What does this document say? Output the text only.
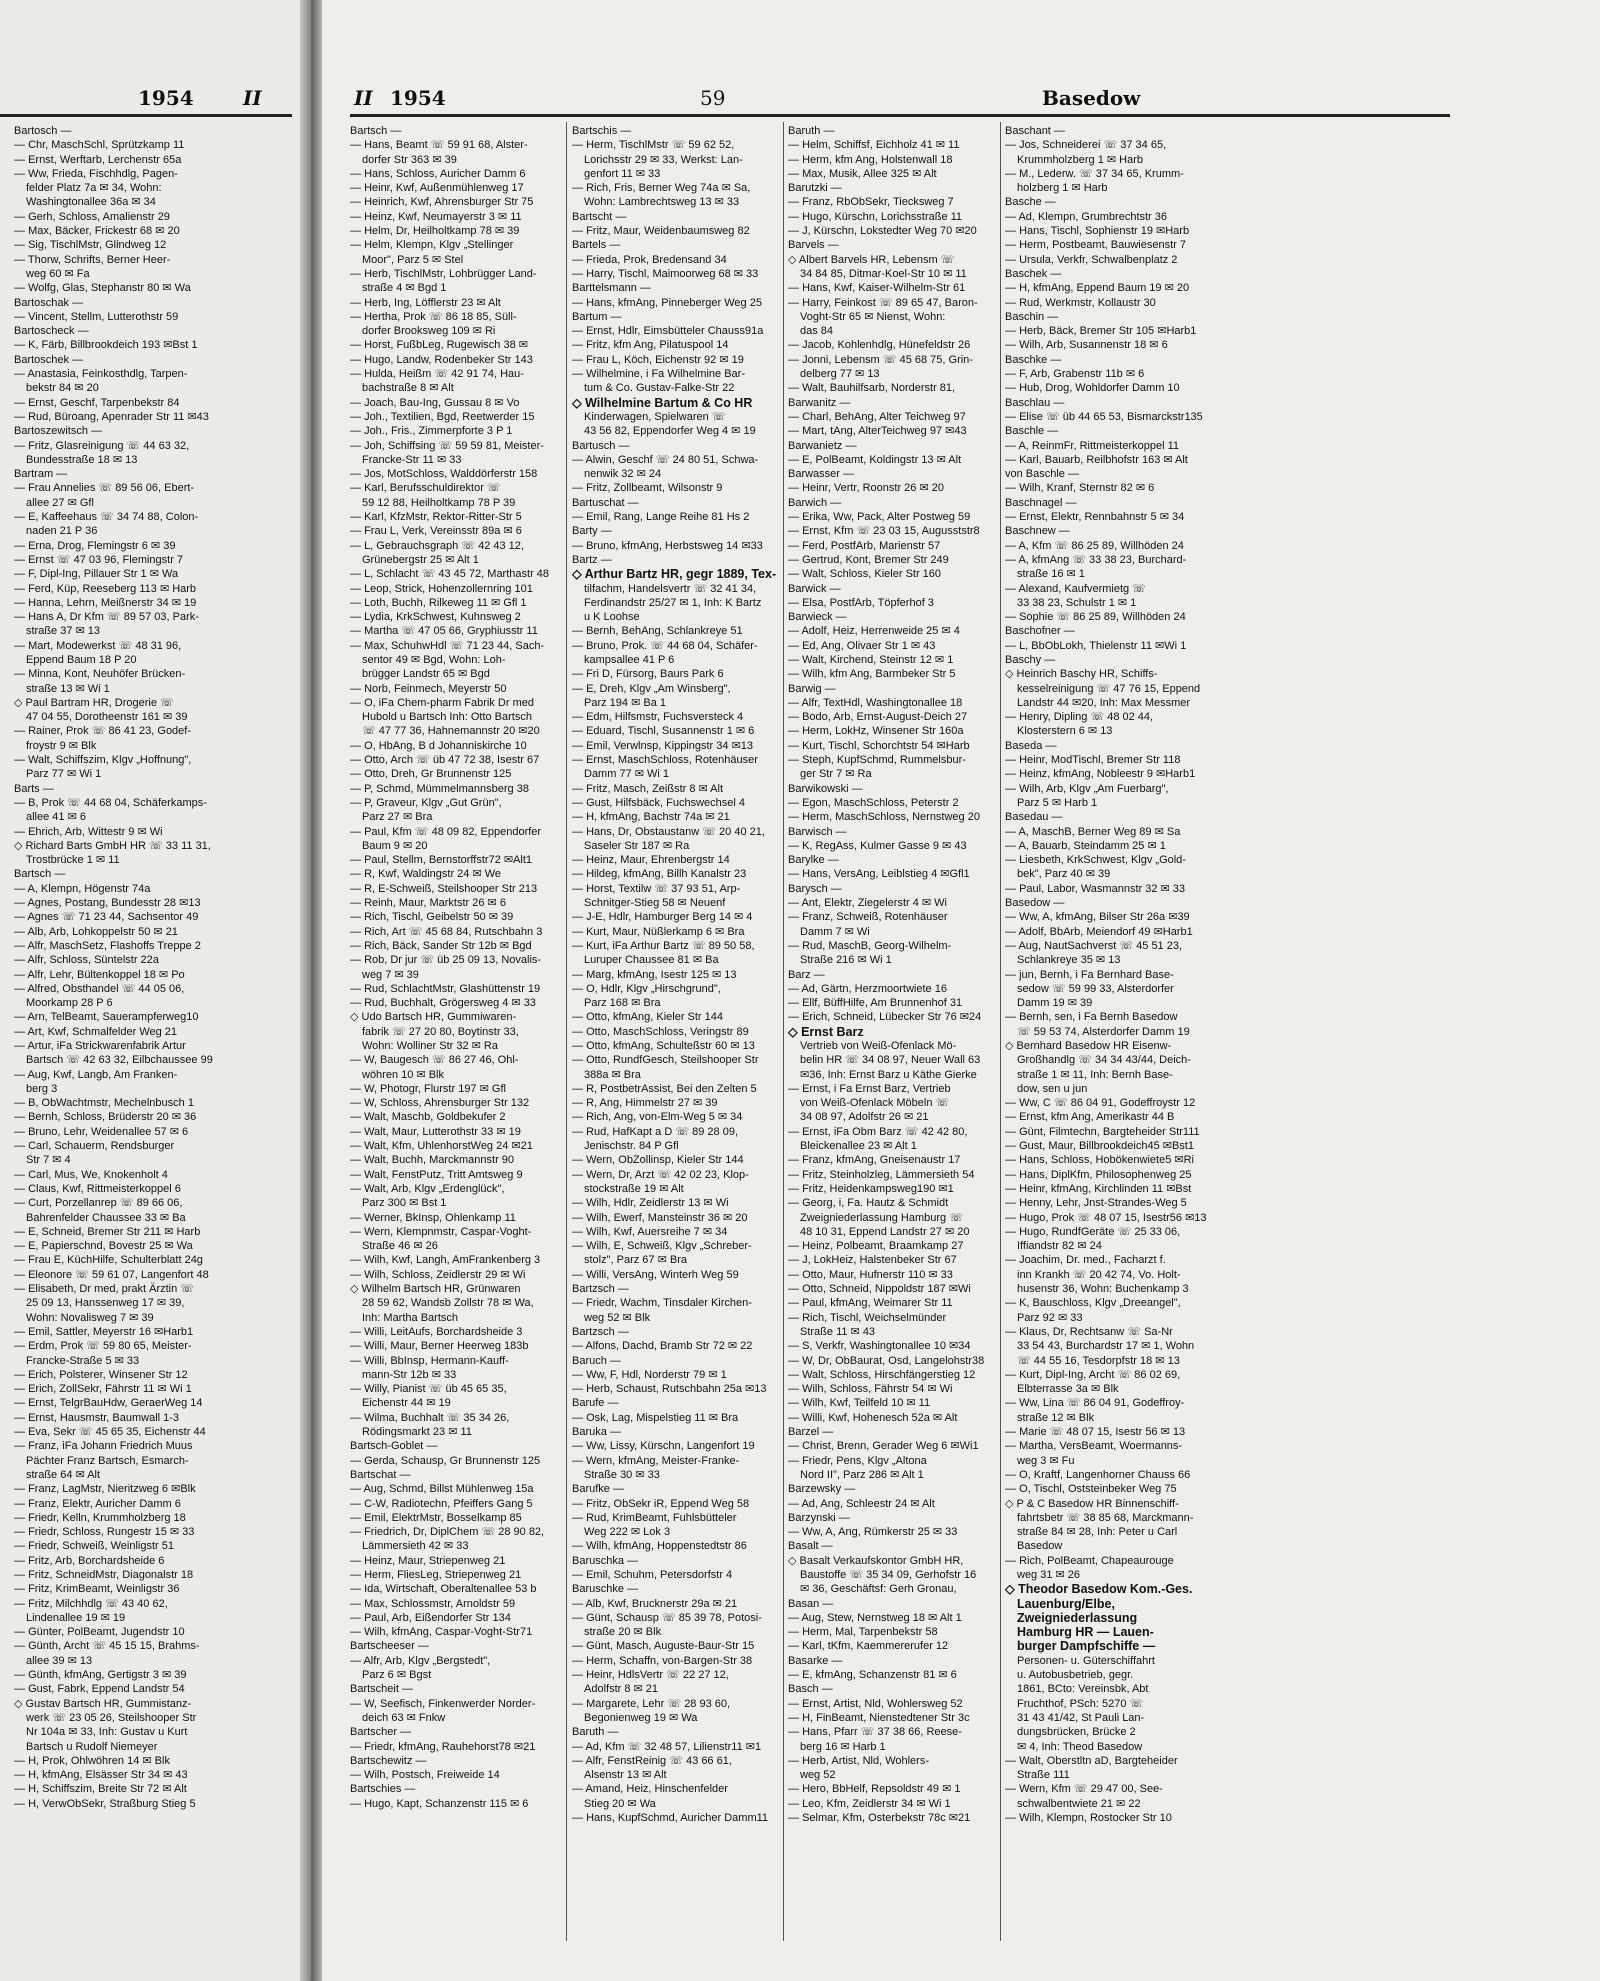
1954 II
Bartosch —
— Chr, MaschSchl, Sprützkamp 11
— Ernst, Werftarb, Lerchenstr 65a
— Ww, Frieda, Fischhdlg, Pagen-
felder Platz 7a ✉ 34, Wohn:
Washingtonallee 36a ✉ 34
— Gerh, Schloss, Amalienstr 29
— Max, Bäcker, Frickestr 68 ✉ 20
— Sig, TischlMstr, Glindweg 12
— Thorw, Schrifts, Berner Heer-
weg 60 ✉ Fa
— Wolfg, Glas, Stephanstr 80 ✉ Wa
Bartoschak —
— Vincent, Stellm, Lutterothstr 59
Bartoscheck —
— K, Färb, Billbrookdeich 193 ✉Bst 1
Bartoschek —
— Anastasia, Feinkosthdlg, Tarpen-
bekstr 84 ✉ 20
— Ernst, Geschf, Tarpenbekstr 84
— Rud, Büroang, Apenrader Str 11 ✉43
Bartoszewitsch —
— Fritz, Glasreinigung ☏ 44 63 32,
Bundesstraße 18 ✉ 13
Bartram —
— Frau Annelies ☏ 89 56 06, Ebert-
allee 27 ✉ Gfl
— E, Kaffeehaus ☏ 34 74 88, Colon-
naden 21 P 36
— Erna, Drog, Flemingstr 6 ✉ 39
— Ernst ☏ 47 03 96, Flemingstr 7
— F, Dipl-Ing, Pillauer Str 1 ✉ Wa
— Ferd, Küp, Reeseberg 113 ✉ Harb
— Hanna, Lehrn, Meißnerstr 34 ✉ 19
— Hans A, Dr Kfm ☏ 89 57 03, Park-
straße 37 ✉ 13
— Mart, Modewerkst ☏ 48 31 96,
Eppend Baum 18 P 20
— Minna, Kont, Neuhöfer Brücken-
straße 13 ✉ Wi 1
◇ Paul Bartram HR, Drogerie ☏
47 04 55, Dorotheenstr 161 ✉ 39
— Rainer, Prok ☏ 86 41 23, Godef-
froystr 9 ✉ Blk
— Walt, Schiffszim, Klgv „Hoffnung",
Parz 77 ✉ Wi 1
Barts —
— B, Prok ☏ 44 68 04, Schäferkamps-
allee 41 ✉ 6
— Ehrich, Arb, Wittestr 9 ✉ Wi
◇ Richard Barts GmbH HR ☏ 33 11 31,
Trostbrücke 1 ✉ 11
Bartsch —
— A, Klempn, Högenstr 74a
— Agnes, Postang, Bundesstr 28 ✉13
— Agnes ☏ 71 23 44, Sachsentor 49
— Alb, Arb, Lohkoppelstr 50 ✉ 21
— Alfr, MaschSetz, Flashoffs Treppe 2
— Alfr, Schloss, Süntelstr 22a
— Alfr, Lehr, Bültenkoppel 18 ✉ Po
— Alfred, Obsthandel ☏ 44 05 06,
Moorkamp 28 P 6
— Arn, TelBeamt, Sauerampferweg10
— Art, Kwf, Schmalfelder Weg 21
— Artur, iFa Strickwarenfabrik Artur
Bartsch ☏ 42 63 32, Eilbchaussee 99
— Aug, Kwf, Langb, Am Franken-
berg 3
— B, ObWachtmstr, Mechelnbusch 1
— Bernh, Schloss, Brüderstr 20 ✉ 36
— Bruno, Lehr, Weidenallee 57 ✉ 6
— Carl, Schauerm, Rendsburger
Str 7 ✉ 4
— Carl, Mus, We, Knokenholt 4
— Claus, Kwf, Rittmeisterkoppel 6
— Curt, Porzellanrep ☏ 89 66 06,
Bahrenfelder Chaussee 33 ✉ Ba
— E, Schneid, Bremer Str 211 ✉ Harb
— E, Papierschnd, Bovestr 25 ✉ Wa
— Frau E, KüchHilfe, Schulterblatt 24g
— Eleonore ☏ 59 61 07, Langenfort 48
— Elisabeth, Dr med, prakt Ärztin ☏
25 09 13, Hanssenweg 17 ✉ 39,
Wohn: Novalisweg 7 ✉ 39
— Emil, Sattler, Meyerstr 16 ✉Harb1
— Erdm, Prok ☏ 59 80 65, Meister-
Francke-Straße 5 ✉ 33
— Erich, Polsterer, Winsener Str 12
— Erich, ZollSekr, Fährstr 11 ✉ Wi 1
— Ernst, TelgrBauHdw, GeraerWeg 14
— Ernst, Hausmstr, Baumwall 1-3
— Eva, Sekr ☏ 45 65 35, Eichenstr 44
— Franz, iFa Johann Friedrich Muus
Pächter Franz Bartsch, Esmarch-
straße 64 ✉ Alt
— Franz, LagMstr, Nieritzweg 6 ✉Blk
— Franz, Elektr, Auricher Damm 6
— Friedr, Kelln, Krummholzberg 18
— Friedr, Schloss, Rungestr 15 ✉ 33
— Friedr, Schweiß, Weinligstr 51
— Fritz, Arb, Borchardsheide 6
— Fritz, SchneidMstr, Diagonalstr 18
— Fritz, KrimBeamt, Weinligstr 36
— Fritz, Milchhdlg ☏ 43 40 62,
Lindenallee 19 ✉ 19
— Günter, PolBeamt, Jugendstr 10
— Günth, Archt ☏ 45 15 15, Brahms-
allee 39 ✉ 13
— Günth, kfmAng, Gertigstr 3 ✉ 39
— Gust, Fabrk, Eppend Landstr 54
◇ Gustav Bartsch HR, Gummistanz-
werk ☏ 23 05 26, Steilshooper Str
Nr 104a ✉ 33, Inh: Gustav u Kurt
Bartsch u Rudolf Niemeyer
— H, Prok, Ohlwöhren 14 ✉ Blk
— H, kfmAng, Elsässer Str 34 ✉ 43
— H, Schiffszim, Breite Str 72 ✉ Alt
— H, VerwObSekr, Straßburg Stieg 5
II 1954	59	Basedow
Bartsch —
— Hans, Beamt ☏ 59 91 68, Alster-
dorfer Str 363 ✉ 39
— Hans, Schloss, Auricher Damm 6
— Heinr, Kwf, Außenmühlenweg 17
— Heinrich, Kwf, Ahrensburger Str 75
— Heinz, Kwf, Neumayerstr 3 ✉ 11
— Helm, Dr, Heilholtkamp 78 ✉ 39
— Helm, Klempn, Klgv „Stellinger
Moor", Parz 5 ✉ Stel
— Herb, TischlMstr, Lohbrügger Land-
straße 4 ✉ Bgd 1
— Herb, Ing, Löfflerstr 23 ✉ Alt
— Hertha, Prok ☏ 86 18 85, Süll-
dorfer Brooksweg 109 ✉ Ri
— Horst, FußbLeg, Rugewisch 38 ✉
— Hugo, Landw, Rodenbeker Str 143
— Hulda, Heißm ☏ 42 91 74, Hau-
bachstraße 8 ✉ Alt
— Joach, Bau-Ing, Gussau 8 ✉ Vo
— Joh., Textilien, Bgd, Reetwerder 15
— Joh., Fris., Zimmerpforte 3 P 1
— Joh, Schiffsing ☏ 59 59 81, Meister-
Francke-Str 11 ✉ 33
— Jos, MotSchloss, Walddörferstr 158
— Karl, Berufsschuldirektor ☏
59 12 88, Heilholtkamp 78 P 39
— Karl, KfzMstr, Rektor-Ritter-Str 5
— Frau L, Verk, Vereinsstr 89a ✉ 6
— L, Gebrauchsgraph ☏ 42 43 12,
Grünebergstr 25 ✉ Alt 1
— L, Schlacht ☏ 43 45 72, Marthastr 48
— Leop, Strick, Hohenzollernring 101
— Loth, Buchh, Rilkeweg 11 ✉ Gfl 1
— Lydia, KrkSchwest, Kuhnsweg 2
— Martha ☏ 47 05 66, Gryphiusstr 11
— Max, SchuhwHdl ☏ 71 23 44, Sach-
sentor 49 ✉ Bgd, Wohn: Loh-
brügger Landstr 65 ✉ Bgd
— Norb, Feinmech, Meyerstr 50
— O, iFa Chem-pharm Fabrik Dr med
Hubold u Bartsch Inh: Otto Bartsch
☏ 47 77 36, Hahnemannstr 20 ✉20
— O, HbAng, B d Johanniskirche 10
— Otto, Arch ☏ üb 47 72 38, Isestr 67
— Otto, Dreh, Gr Brunnenstr 125
— P, Schmd, Mümmelmannsberg 38
— P, Graveur, Klgv „Gut Grün",
Parz 27 ✉ Bra
— Paul, Kfm ☏ 48 09 82, Eppendorfer
Baum 9 ✉ 20
— Paul, Stellm, Bernstorffstr72 ✉Alt1
— R, Kwf, Waldingstr 24 ✉ We
— R, E-Schweiß, Steilshooper Str 213
— Reinh, Maur, Marktstr 26 ✉ 6
— Rich, Tischl, Geibelstr 50 ✉ 39
— Rich, Art ☏ 45 68 84, Rutschbahn 3
— Rich, Bäck, Sander Str 12b ✉ Bgd
— Rob, Dr jur ☏ üb 25 09 13, Novalis-
weg 7 ✉ 39
— Rud, SchlachtMstr, Glashüttenstr 19
— Rud, Buchhalt, Grögersweg 4 ✉ 33
◇ Udo Bartsch HR, Gummiwaren-
fabrik ☏ 27 20 80, Boytinstr 33,
Wohn: Wolliner Str 32 ✉ Ra
— W, Baugesch ☏ 86 27 46, Ohl-
wöhren 10 ✉ Blk
— W, Photogr, Flurstr 197 ✉ Gfl
— W, Schloss, Ahrensburger Str 132
— Walt, Maschb, Goldbekufer 2
— Walt, Maur, Lutterothstr 33 ✉ 19
— Walt, Kfm, UhlenhorstWeg 24 ✉21
— Walt, Buchh, Marckmannstr 90
— Walt, FenstPutz, Tritt Amtsweg 9
— Walt, Arb, Klgv „Erdenglück",
Parz 300 ✉ Bst 1
— Werner, BkInsp, Ohlenkamp 11
— Wern, Klempnmstr, Caspar-Voght-
Straße 46 ✉ 26
— Wilh, Kwf, Langh, AmFrankenberg 3
— Wilh, Schloss, Zeidlerstr 29 ✉ Wi
◇ Wilhelm Bartsch HR, Grünwaren
28 59 62, Wandsb Zollstr 78 ✉ Wa,
Inh: Martha Bartsch
— Willi, LeitAufs, Borchardsheide 3
— Willi, Maur, Berner Heerweg 183b
— Willi, BbInsp, Hermann-Kauff-
mann-Str 12b ✉ 33
— Willy, Pianist ☏ üb 45 65 35,
Eichenstr 44 ✉ 19
— Wilma, Buchhalt ☏ 35 34 26,
Rödingsmarkt 23 ✉ 11
Bartsch-Goblet —
— Gerda, Schausp, Gr Brunnenstr 125
Bartschat —
— Aug, Schmd, Billst Mühlenweg 15a
— C-W, Radiotechn, Pfeiffers Gang 5
— Emil, ElektrMstr, Bosselkamp 85
— Friedrich, Dr, DiplChem ☏ 28 90 82,
Lämmersieth 42 ✉ 33
— Heinz, Maur, Striepenweg 21
— Herm, FliesLeg, Striepenweg 21
— Ida, Wirtschaft, Oberaltenallee 53 b
— Max, Schlossmstr, Arnoldstr 59
— Paul, Arb, Eißendorfer Str 134
— Wilh, kfmAng, Caspar-Voght-Str71
Bartscheeser —
— Alfr, Arb, Klgv „Bergstedt",
Parz 6 ✉ Bgst
Bartscheit —
— W, Seefisch, Finkenwerder Norder-
deich 63 ✉ Fnkw
Bartscher —
— Friedr, kfmAng, Rauhehorst78 ✉21
Bartschewitz —
— Wilh, Postsch, Freiweide 14
Bartschies —
— Hugo, Kapt, Schanzenstr 115 ✉ 6
Bartschis —
— Herm, TischlMstr ☏ 59 62 52,
Lorichsstr 29 ✉ 33, Werkst: Lan-
genfort 11 ✉ 33
— Rich, Fris, Berner Weg 74a ✉ Sa,
Wohn: Lambrechtsweg 13 ✉ 33
Bartscht —
— Fritz, Maur, Weidenbaumsweg 82
Bartels —
— Frieda, Prok, Bredensand 34
— Harry, Tischl, Maimoorweg 68 ✉ 33
Barttelsmann —
— Hans, kfmAng, Pinneberger Weg 25
Bartum —
— Ernst, Hdlr, Eimsbütteler Chauss91a
— Fritz, kfm Ang, Pilatuspool 14
— Frau L, Köch, Eichenstr 92 ✉ 19
— Wilhelmine, i Fa Wilhelmine Bar-
tum & Co. Gustav-Falke-Str 22
◇ Wilhelmine Bartum & Co HR
Kinderwagen, Spielwaren ☏
43 56 82, Eppendorfer Weg 4 ✉ 19
Bartusch —
— Alwin, Geschf ☏ 24 80 51, Schwa-
nenwik 32 ✉ 24
— Fritz, Zollbeamt, Wilsonstr 9
Bartuschat —
— Emil, Rang, Lange Reihe 81 Hs 2
Barty —
— Bruno, kfmAng, Herbstsweg 14 ✉33
Bartz —
◇ Arthur Bartz HR, gegr 1889, Tex-
tilfachm, Handelsvertr ☏ 32 41 34,
Ferdinandstr 25/27 ✉ 1, Inh: K Bartz
u K Loohse
— Bernh, BehAng, Schlankreye 51
— Bruno, Prok. ☏ 44 68 04, Schäfer-
kampsallee 41 P 6
— Fri D, Fürsorg, Baurs Park 6
— E, Dreh, Klgv „Am Winsberg",
Parz 194 ✉ Ba 1
— Edm, Hilfsmstr, Fuchsversteck 4
— Eduard, Tischl, Susannenstr 1 ✉ 6
— Emil, Verwlnsp, Kippingstr 34 ✉13
— Ernst, MaschSchloss, Rotenhäuser
Damm 77 ✉ Wi 1
— Fritz, Masch, Zeißstr 8 ✉ Alt
— Gust, Hilfsbäck, Fuchswechsel 4
— H, kfmAng, Bachstr 74a ✉ 21
— Hans, Dr, Obstaustanw ☏ 20 40 21,
Saseler Str 187 ✉ Ra
— Heinz, Maur, Ehrenbergstr 14
— Hildeg, kfmAng, Billh Kanalstr 23
— Horst, Textilw ☏ 37 93 51, Arp-
Schnitger-Stieg 58 ✉ Neuenf
— J-E, Hdlr, Hamburger Berg 14 ✉ 4
— Kurt, Maur, Nüßlerkamp 6 ✉ Bra
— Kurt, iFa Arthur Bartz ☏ 89 50 58,
Luruper Chaussee 81 ✉ Ba
— Marg, kfmAng, Isestr 125 ✉ 13
— O, Hdlr, Klgv „Hirschgrund",
Parz 168 ✉ Bra
— Otto, kfmAng, Kieler Str 144
— Otto, MaschSchloss, Veringstr 89
— Otto, kfmAng, Schulteßstr 60 ✉ 13
— Otto, RundfGesch, Steilshooper Str
388a ✉ Bra
— R, PostbetrAssist, Bei den Zelten 5
— R, Ang, Himmelstr 27 ✉ 39
— Rich, Ang, von-Elm-Weg 5 ✉ 34
— Rud, HafKapt a D ☏ 89 28 09,
Jenischstr. 84 P Gfl
— Wern, ObZollinsp, Kieler Str 144
— Wern, Dr, Arzt ☏ 42 02 23, Klop-
stockstraße 19 ✉ Alt
— Wilh, Hdlr, Zeidlerstr 13 ✉ Wi
— Wilh, Ewerf, Mansteinstr 36 ✉ 20
— Wilh, Kwf, Auersreihe 7 ✉ 34
— Wilh, E, Schweiß, Klgv „Schreber-
stolz", Parz 67 ✉ Bra
— Willi, VersAng, Winterh Weg 59
Bartzsch —
— Friedr, Wachm, Tinsdaler Kirchen-
weg 52 ✉ Blk
Bartzsch —
— Alfons, Dachd, Bramb Str 72 ✉ 22
Baruch —
— Ww, F, Hdl, Norderstr 79 ✉ 1
— Herb, Schaust, Rutschbahn 25a ✉13
Barufe —
— Osk, Lag, Mispelstieg 11 ✉ Bra
Baruka —
— Ww, Lissy, Kürschn, Langenfort 19
— Wern, kfmAng, Meister-Franke-
Straße 30 ✉ 33
Barufke —
— Fritz, ObSekr iR, Eppend Weg 58
— Rud, KrimBeamt, Fuhlsbütteler
Weg 222 ✉ Lok 3
— Wilh, kfmAng, Hoppenstedtstr 86
Baruschka —
— Emil, Schuhm, Petersdorfstr 4
Baruschke —
— Alb, Kwf, Brucknerstr 29a ✉ 21
— Günt, Schausp ☏ 85 39 78, Potosi-
straße 20 ✉ Blk
— Günt, Masch, Auguste-Baur-Str 15
— Herm, Schaffn, von-Bargen-Str 38
— Heinr, HdlsVertr ☏ 22 27 12,
Adolfstr 8 ✉ 21
— Margarete, Lehr ☏ 28 93 60,
Begonienweg 19 ✉ Wa
Baruth —
— Ad, Kfm ☏ 32 48 57, Lilienstr11 ✉1
— Alfr, FenstReinig ☏ 43 66 61,
Alsenstr 13 ✉ Alt
— Amand, Heiz, Hinschenfelder
Stieg 20 ✉ Wa
— Hans, KupfSchmd, Auricher Damm11
Baruth —
— Helm, Schiffsf, Eichholz 41 ✉ 11
— Herm, kfm Ang, Holstenwall 18
— Max, Musik, Allee 325 ✉ Alt
Barutzki —
— Franz, RbObSekr, Tiecksweg 7
— Hugo, Kürschn, Lorichsstraße 11
— J, Kürschn, Lokstedter Weg 70 ✉20
Barvels —
◇ Albert Barvels HR, Lebensm ☏
34 84 85, Ditmar-Koel-Str 10 ✉ 11
— Hans, Kwf, Kaiser-Wilhelm-Str 61
— Harry, Feinkost ☏ 89 65 47, Baron-
Voght-Str 65 ✉ Nienst, Wohn:
das 84
— Jacob, Kohlenhdlg, Hünefeldstr 26
— Jonni, Lebensm ☏ 45 68 75, Grin-
delberg 77 ✉ 13
— Walt, Bauhilfsarb, Norderstr 81,
Barwanitz —
— Charl, BehAng, Alter Teichweg 97
— Mart, tAng, AlterTeichweg 97 ✉43
Barwanietz —
— E, PolBeamt, Koldingstr 13 ✉ Alt
Barwasser —
— Heinr, Vertr, Roonstr 26 ✉ 20
Barwich —
— Erika, Ww, Pack, Alter Postweg 59
— Ernst, Kfm ☏ 23 03 15, Augusststr8
— Ferd, PostfArb, Marienstr 57
— Gertrud, Kont, Bremer Str 249
— Walt, Schloss, Kieler Str 160
Barwick —
— Elsa, PostfArb, Töpferhof 3
Barwieck —
— Adolf, Heiz, Herrenweide 25 ✉ 4
— Ed, Ang, Olivaer Str 1 ✉ 43
— Walt, Kirchend, Steinstr 12 ✉ 1
— Wilh, kfm Ang, Barmbeker Str 5
Barwig —
— Alfr, TextHdl, Washingtonallee 18
— Bodo, Arb, Ernst-August-Deich 27
— Herm, LokHz, Winsener Str 160a
— Kurt, Tischl, Schorchtstr 54 ✉Harb
— Steph, KupfSchmd, Rummelsbur-
ger Str 7 ✉ Ra
Barwikowski —
— Egon, MaschSchloss, Peterstr 2
— Herm, MaschSchloss, Nernstweg 20
Barwisch —
— K, RegAss, Kulmer Gasse 9 ✉ 43
Barylke —
— Hans, VersAng, Leiblstieg 4 ✉Gfl1
Barysch —
— Ant, Elektr, Ziegelerstr 4 ✉ Wi
— Franz, Schweiß, Rotenhäuser
Damm 7 ✉ Wi
— Rud, MaschB, Georg-Wilhelm-
Straße 216 ✉ Wi 1
Barz —
— Ad, Gärtn, Herzmoortwiete 16
— Ellf, BüffHilfe, Am Brunnenhof 31
— Erich, Schneid, Lübecker Str 76 ✉24
◇ Ernst Barz
Vertrieb von Weiß-Ofenlack Mö-
belin HR ☏ 34 08 97, Neuer Wall 63
✉36, Inh: Ernst Barz u Käthe Gierke
— Ernst, i Fa Ernst Barz, Vertrieb
von Weiß-Ofenlack Möbeln ☏
34 08 97, Adolfstr 26 ✉ 21
— Ernst, iFa Obm Barz ☏ 42 42 80,
Bleickenallee 23 ✉ Alt 1
— Franz, kfmAng, Gneisenaustr 17
— Fritz, Steinholzleg, Lämmersieth 54
— Fritz, Heidenkampsweg190 ✉1
— Georg, i, Fa. Hautz & Schmidt
Zweigniederlassung Hamburg ☏
48 10 31, Eppend Landstr 27 ✉ 20
— Heinz, Polbeamt, Braamkamp 27
— J, LokHeiz, Halstenbeker Str 67
— Otto, Maur, Hufnerstr 110 ✉ 33
— Otto, Schneid, Nippoldstr 187 ✉Wi
— Paul, kfmAng, Weimarer Str 11
— Rich, Tischl, Weichselmünder
Straße 11 ✉ 43
— S, Verkfr, Washingtonallee 10 ✉34
— W, Dr, ObBaurat, Osd, Langelohstr38
— Walt, Schloss, Hirschfängerstieg 12
— Wilh, Schloss, Fährstr 54 ✉ Wi
— Wilh, Kwf, Teilfeld 10 ✉ 11
— Willi, Kwf, Hohenesch 52a ✉ Alt
Barzel —
— Christ, Brenn, Gerader Weg 6 ✉Wi1
— Friedr, Pens, Klgv „Altona
Nord II", Parz 286 ✉ Alt 1
Barzewsky —
— Ad, Ang, Schleestr 24 ✉ Alt
Barzynski —
— Ww, A, Ang, Rümkerstr 25 ✉ 33
Basalt —
◇ Basalt Verkaufskontor GmbH HR,
Baustoffe ☏ 35 34 09, Gerhofstr 16
✉ 36, Geschäftsf: Gerh Gronau,
Basan —
— Aug, Stew, Nernstweg 18 ✉ Alt 1
— Herm, Mal, Tarpenbekstr 58
— Karl, tKfm, Kaemmererufer 12
Basarke —
— E, kfmAng, Schanzenstr 81 ✉ 6
Basch —
— Ernst, Artist, Nld, Wohlersweg 52
— H, FinBeamt, Nienstedtener Str 3c
— Hans, Pfarr ☏ 37 38 66, Reese-
berg 16 ✉ Harb 1
— Herb, Artist, Nld, Wohlers-
weg 52
— Hero, BbHelf, Repsoldstr 49 ✉ 1
— Leo, Kfm, Zeidlerstr 34 ✉ Wi 1
— Selmar, Kfm, Osterbekstr 78c ✉21
Baschant —
— Jos, Schneiderei ☏ 37 34 65,
Krummholzberg 1 ✉ Harb
— M., Lederw. ☏ 37 34 65, Krumm-
holzberg 1 ✉ Harb
Basche —
— Ad, Klempn, Grumbrechtstr 36
— Hans, Tischl, Sophienstr 19 ✉Harb
— Herm, Postbeamt, Bauwiesenstr 7
— Ursula, Verkfr, Schwalbenplatz 2
Baschek —
— H, kfmAng, Eppend Baum 19 ✉ 20
— Rud, Werkmstr, Kollaustr 30
Baschin —
— Herb, Bäck, Bremer Str 105 ✉Harb1
— Wilh, Arb, Susannenstr 18 ✉ 6
Baschke —
— F, Arb, Grabenstr 11b ✉ 6
— Hub, Drog, Wohldorfer Damm 10
Baschlau —
— Elise ☏ üb 44 65 53, Bismarckstr135
Baschle —
— A, ReinmFr, Rittmeisterkoppel 11
— Karl, Bauarb, Reilbhofstr 163 ✉ Alt
von Baschle —
— Wilh, Kranf, Sternstr 82 ✉ 6
Baschnagel —
— Ernst, Elektr, Rennbahnstr 5 ✉ 34
Baschnew —
— A, Kfm ☏ 86 25 89, Willhöden 24
— A, kfmAng ☏ 33 38 23, Burchard-
straße 16 ✉ 1
— Alexand, Kaufvermietg ☏
33 38 23, Schulstr 1 ✉ 1
— Sophie ☏ 86 25 89, Willhöden 24
Baschofner —
— L, BbObLokh, Thielenstr 11 ✉Wi 1
Baschy —
◇ Heinrich Baschy HR, Schiffs-
kesselreinigung ☏ 47 76 15, Eppend
Landstr 44 ✉20, Inh: Max Messmer
— Henry, Dipling ☏ 48 02 44,
Klosterstern 6 ✉ 13
Baseda —
— Heinr, ModTischl, Bremer Str 118
— Heinz, kfmAng, Nobleestr 9 ✉Harb1
— Wilh, Arb, Klgv „Am Fuerbarg",
Parz 5 ✉ Harb 1
Basedau —
— A, MaschB, Berner Weg 89 ✉ Sa
— A, Bauarb, Steindamm 25 ✉ 1
— Liesbeth, KrkSchwest, Klgv „Gold-
bek", Parz 40 ✉ 39
— Paul, Labor, Wasmannstr 32 ✉ 33
Basedow —
— Ww, A, kfmAng, Bilser Str 26a ✉39
— Adolf, BbArb, Meiendorf 49 ✉Harb1
— Aug, NautSachverst ☏ 45 51 23,
Schlankreye 35 ✉ 13
— jun, Bernh, i Fa Bernhard Base-
sedow ☏ 59 99 33, Alsterdorfer
Damm 19 ✉ 39
— Bernh, sen, i Fa Bernh Basedow
☏ 59 53 74, Alsterdorfer Damm 19
◇ Bernhard Basedow HR Eisenw-
Großhandlg ☏ 34 34 43/44, Deich-
straße 1 ✉ 11, Inh: Bernh Base-
dow, sen u jun
— Ww, C ☏ 86 04 91, Godeffroystr 12
— Ernst, kfm Ang, Amerikastr 44 B
— Günt, Filmtechn, Bargteheider Str111
— Gust, Maur, Billbrookdeich45 ✉Bst1
— Hans, Schloss, Hobökenwiete5 ✉Ri
— Hans, DiplKfm, Philosophenweg 25
— Heinr, kfmAng, Kirchlinden 11 ✉Bst
— Henny, Lehr, Jnst-Strandes-Weg 5
— Hugo, Prok ☏ 48 07 15, Isestr56 ✉13
— Hugo, RundfGeräte ☏ 25 33 06,
Iffiandstr 82 ✉ 24
— Joachim, Dr. med., Facharzt f.
inn Krankh ☏ 20 42 74, Vo. Holt-
husenstr 36, Wohn: Buchenkamp 3
— K, Bauschloss, Klgv „Dreeangel",
Parz 92 ✉ 33
— Klaus, Dr, Rechtsanw ☏ Sa-Nr
33 54 43, Burchardstr 17 ✉ 1, Wohn
☏ 44 55 16, Tesdorpfstr 18 ✉ 13
— Kurt, Dipl-Ing, Archt ☏ 86 02 69,
Elbterrasse 3a ✉ Blk
— Ww, Lina ☏ 86 04 91, Godeffroy-
straße 12 ✉ Blk
— Marie ☏ 48 07 15, Isestr 56 ✉ 13
— Martha, VersBeamt, Woermanns-
weg 3 ✉ Fu
— O, Kraftf, Langenhorner Chauss 66
— O, Tischl, Oststeinbeker Weg 75
◇ P & C Basedow HR Binnenschiff-
fahrtsbetr ☏ 38 85 68, Marckmann-
straße 84 ✉ 28, Inh: Peter u Carl
Basedow
— Rich, PolBeamt, Chapeaurouge
weg 31 ✉ 26
◇ Theodor Basedow Kom.-Ges.
Lauenburg/Elbe,
Zweigniederlassung
Hamburg HR — Lauen-
burger Dampfschiffe —
Personen- u. Güterschiffahrt
u. Autobusbetrieb, gegr.
1861, BCto: Vereinsbk, Abt
Fruchthof, PSch: 5270 ☏
31 43 41/42, St Pauli Lan-
dungsbrücken, Brücke 2
✉ 4, Inh: Theod Basedow
— Walt, Oberstltn aD, Bargteheider
Straße 111
— Wern, Kfm ☏ 29 47 00, See-
schwalbentwiete 21 ✉ 22
— Wilh, Klempn, Rostocker Str 10
